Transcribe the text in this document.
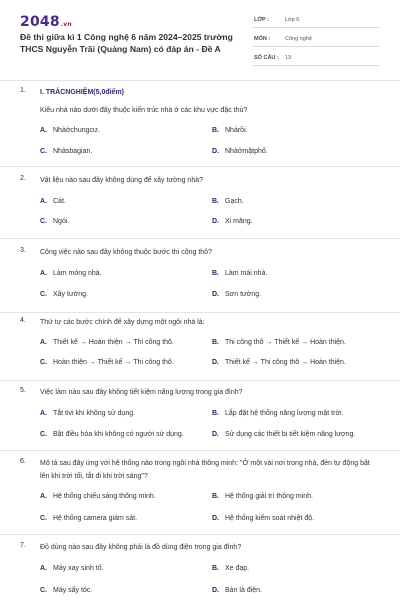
2048.vn
Đề thi giữa kì 1 Công nghệ 6 năm 2024–2025 trường THCS Nguyễn Trãi (Quảng Nam) có đáp án - Đề A
LỚP :	Lớp 6
MÔN :	Công nghệ
SỐ CÂU : 13
1. I. TRẮCNGHIỆM(5,0điểm)
Kiểu nhà nào dưới đây thuộc kiến trúc nhà ở các khu vực đặc thù?
A. Nhàởchungcư.	B. Nhàrồi.
C. Nhàsbagian.	D. Nhàởmặtphố.
2. Vật liệu nào sau đây không dùng để xây tường nhà?
A. Cát.	B. Gạch.
C. Ngói.	D. Xi măng.
3. Công việc nào sau đây không thuộc bước thi công thô?
A. Làm móng nhà.	B. Làm mái nhà.
C. Xây tường.	D. Sơn tường.
4. Thứ tự các bước chính để xây dựng một ngôi nhà là:
A. Thiết kế → Hoàn thiện → Thi công thô.	B. Thi công thô → Thiết kế → Hoàn thiện.
C. Hoàn thiện → Thiết kế → Thi công thô.	D. Thiết kế → Thi công thô → Hoàn thiện.
5. Việc làm nào sau đây không tiết kiệm năng lượng trong gia đình?
A. Tắt tivi khi không sử dụng.	B. Lắp đặt hệ thống năng lượng mặt trời.
C. Bật điều hòa khi không có người sử dụng.	D. Sử dụng các thiết bị tiết kiệm năng lượng.
6. Mô tả sau đây ứng với hệ thống nào trong ngôi nhà thông minh: "Ở một vài nơi trong nhà, đèn tự động bật lên khi trời tối, tắt đi khi trời sáng"?
A. Hệ thống chiếu sáng thông minh.	B. Hệ thống giải trí thông minh.
C. Hệ thống camera giám sát.	D. Hệ thống kiểm soát nhiệt độ.
7. Đồ dùng nào sau đây không phải là đồ dùng điện trong gia đình?
A. Máy xay sinh tố.	B. Xe đạp.
C. Máy sấy tóc.	D. Bàn là điện.
